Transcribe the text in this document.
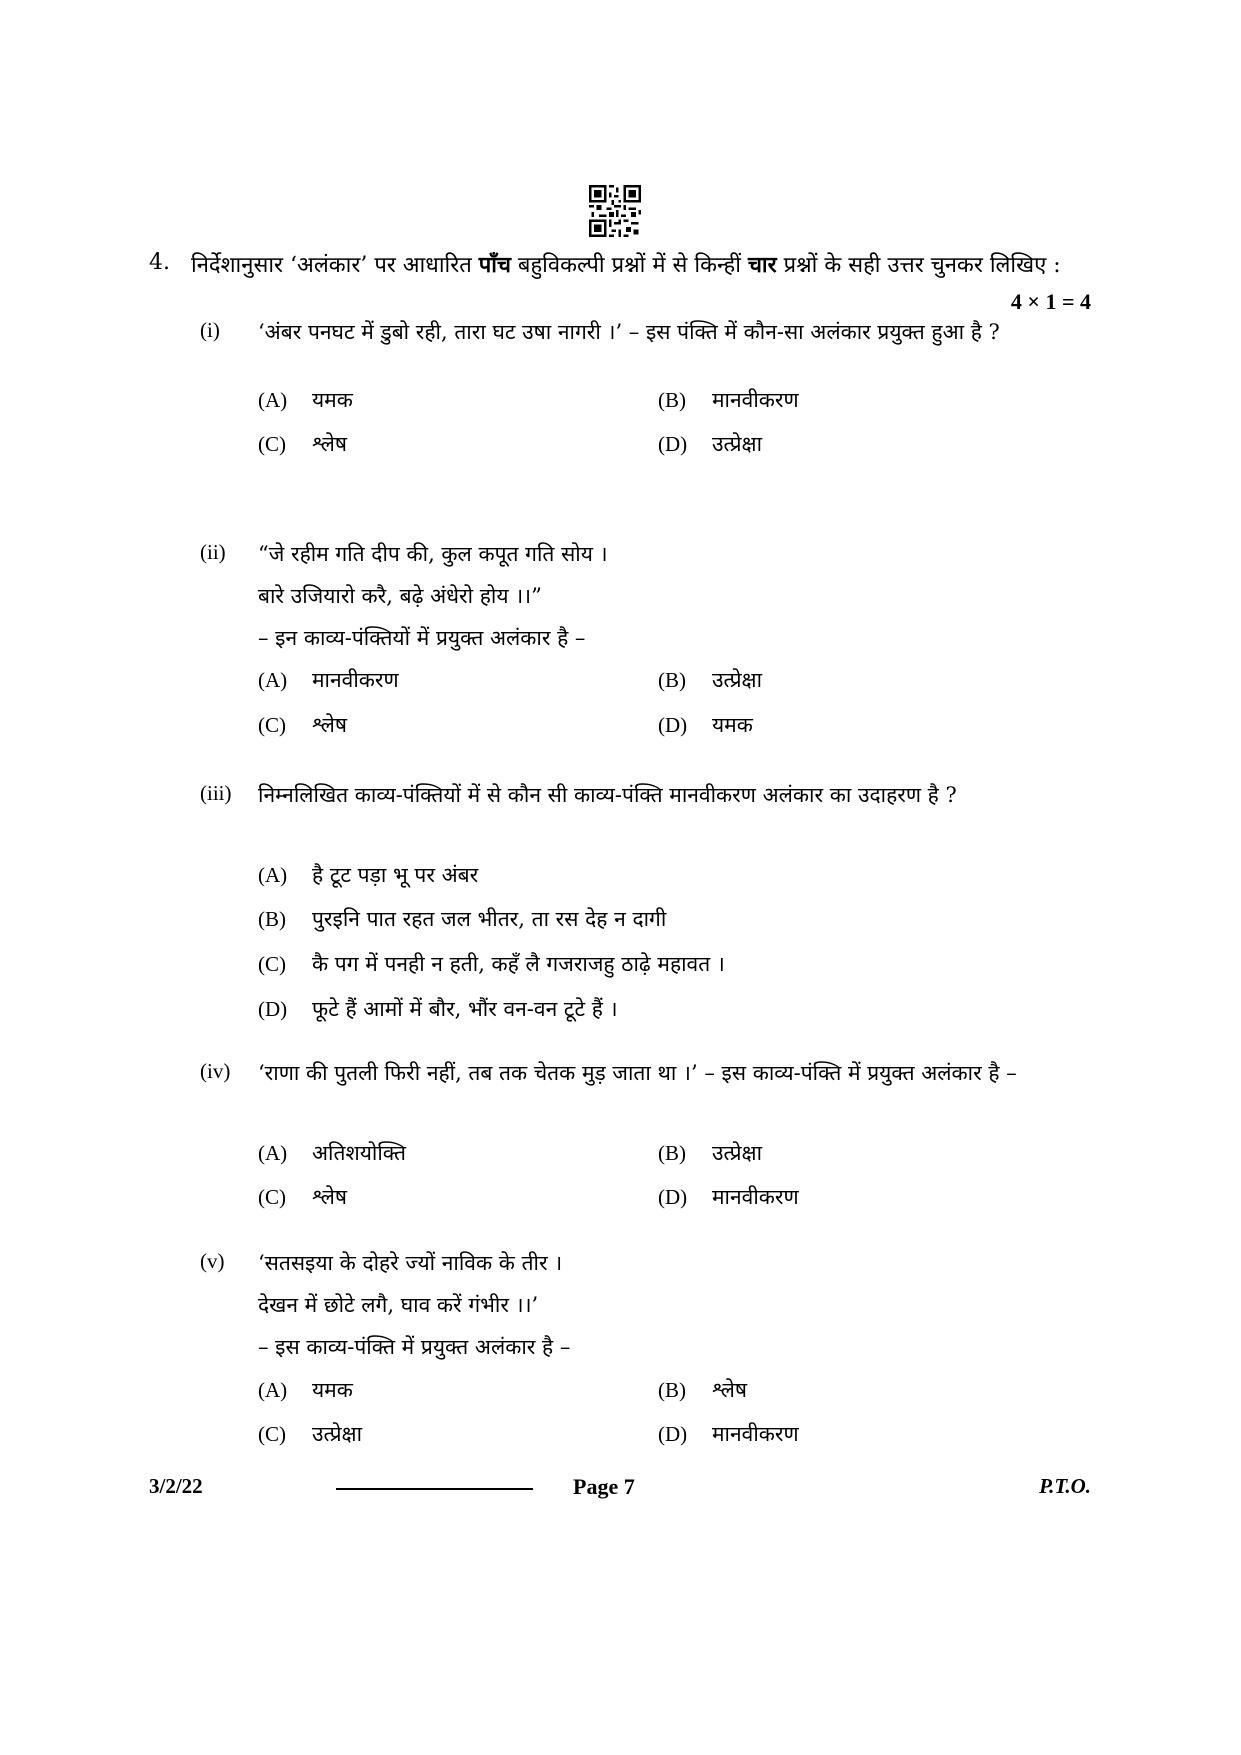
4. निर्देशानुसार ‘अलंकार’ पर आधारित पाँच बहुविकल्पी प्रश्नों में से किन्हीं चार प्रश्नों के सही उत्तर चुनकर लिखिए :
4 × 1 = 4
(i) ‘अंबर पनघट में डुबो रही, तारा घट उषा नागरी ।’ – इस पंक्ति में कौन-सा अलंकार प्रयुक्त हुआ है ?
(A) यमक	(B) मानवीकरण
(C) श्लेष	(D) उत्प्रेक्षा
(ii) “जे रहीम गति दीप की, कुल कपूत गति सोय ।
बारे उजियारो करै, बढ़े अंधेरो होय ।।”
– इन काव्य-पंक्तियों में प्रयुक्त अलंकार है –
(A) मानवीकरण	(B) उत्प्रेक्षा
(C) श्लेष	(D) यमक
(iii) निम्नलिखित काव्य-पंक्तियों में से कौन सी काव्य-पंक्ति मानवीकरण अलंकार का उदाहरण है ?
(A) है टूट पड़ा भू पर अंबर
(B) पुरइनि पात रहत जल भीतर, ता रस देह न दागी
(C) कै पग में पनही न हती, कहँ लै गजराजहु ठाढ़े महावत ।
(D) फूटे हैं आमों में बौर, भौंर वन-वन टूटे हैं ।
(iv) ‘राणा की पुतली फिरी नहीं, तब तक चेतक मुड़ जाता था ।’ – इस काव्य-पंक्ति में प्रयुक्त अलंकार है –
(A) अतिशयोक्ति	(B) उत्प्रेक्षा
(C) श्लेष	(D) मानवीकरण
(v) ‘सतसइया के दोहरे ज्यों नाविक के तीर ।
देखन में छोटे लगै, घाव करें गंभीर ।।’
– इस काव्य-पंक्ति में प्रयुक्त अलंकार है –
(A) यमक	(B) श्लेष
(C) उत्प्रेक्षा	(D) मानवीकरण
3/2/22	Page 7	P.T.O.
